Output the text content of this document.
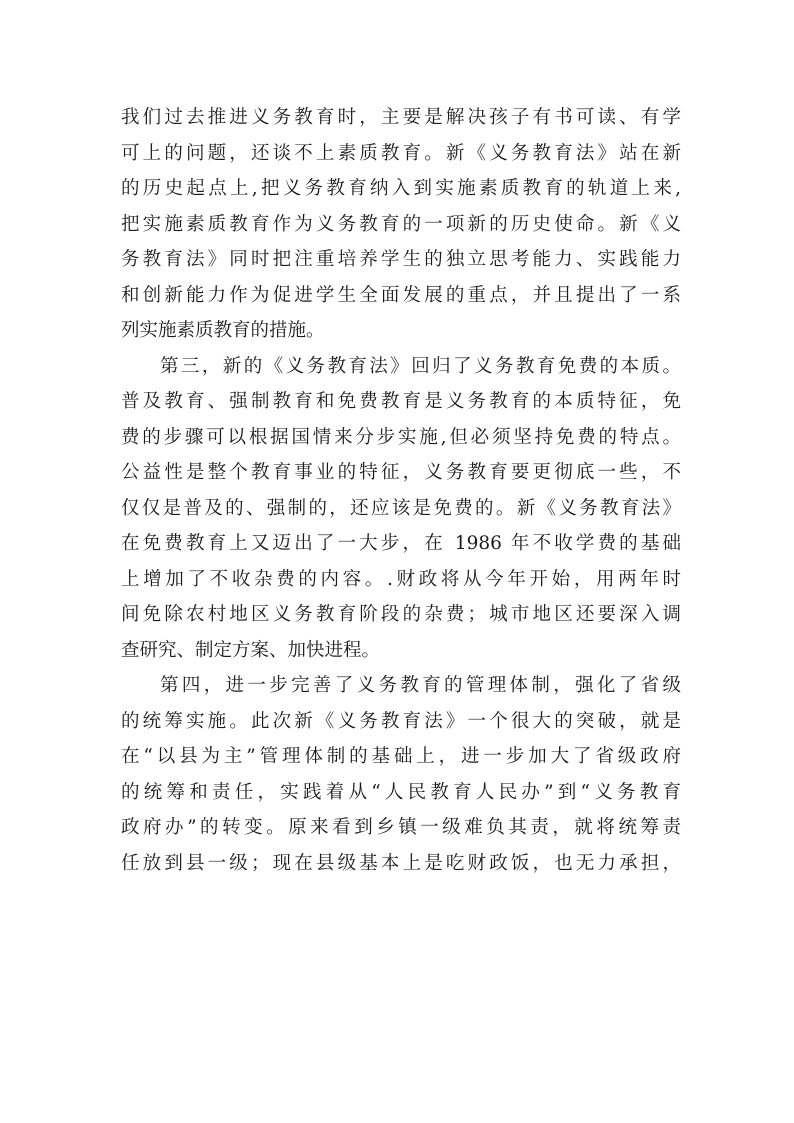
我们过去推进义务教育时，主要是解决孩子有书可读、有学
可上的问题，还谈不上素质教育。新《义务教育法》站在新
的历史起点上,把义务教育纳入到实施素质教育的轨道上来,
把实施素质教育作为义务教育的一项新的历史使命。新《义
务教育法》同时把注重培养学生的独立思考能力、实践能力
和创新能力作为促进学生全面发展的重点，并且提出了一系
列实施素质教育的措施。
第三，新的《义务教育法》回归了义务教育免费的本质。
普及教育、强制教育和免费教育是义务教育的本质特征，免
费的步骤可以根据国情来分步实施,但必须坚持免费的特点。
公益性是整个教育事业的特征，义务教育要更彻底一些，不
仅仅是普及的、强制的，还应该是免费的。新《义务教育法》
在免费教育上又迈出了一大步，在 1986 年不收学费的基础
上增加了不收杂费的内容。.财政将从今年开始，用两年时
间免除农村地区义务教育阶段的杂费；城市地区还要深入调
查研究、制定方案、加快进程。
第四，进一步完善了义务教育的管理体制，强化了省级
的统筹实施。此次新《义务教育法》一个很大的突破，就是
在“以县为主”管理体制的基础上，进一步加大了省级政府
的统筹和责任，实践着从“人民教育人民办”到“义务教育
政府办”的转变。原来看到乡镇一级难负其责，就将统筹责
任放到县一级；现在县级基本上是吃财政饭，也无力承担，
